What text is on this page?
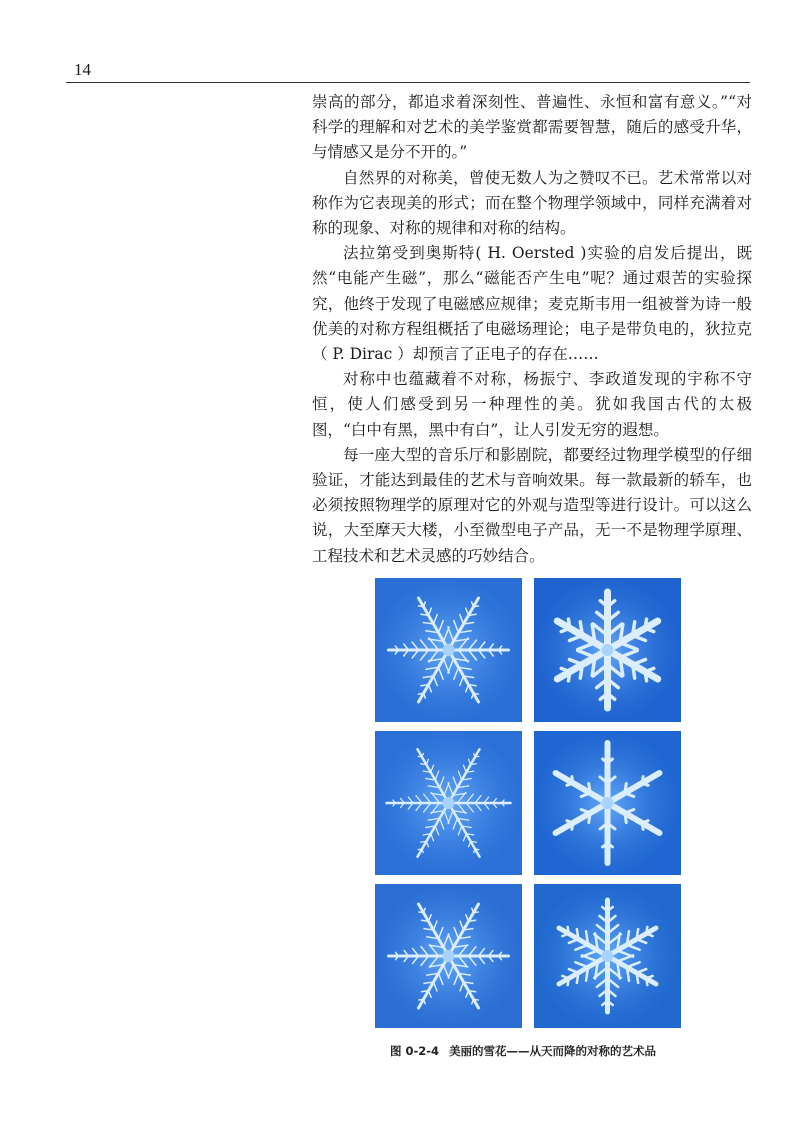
14

崇高的部分，都追求着深刻性、普遍性、永恒和富有意义。”“对科学的理解和对艺术的美学鉴赏都需要智慧，随后的感受升华，与情感又是分不开的。”

自然界的对称美，曾使无数人为之赞叹不已。艺术常常以对称作为它表现美的形式；而在整个物理学领域中，同样充满着对称的现象、对称的规律和对称的结构。

法拉第受到奥斯特( H. Oersted )实验的启发后提出，既然“电能产生磁”，那么“磁能否产生电”呢？通过艰苦的实验探究，他终于发现了电磁感应规律；麦克斯韦用一组被誉为诗一般优美的对称方程组概括了电磁场理论；电子是带负电的，狄拉克（ P. Dirac ）却预言了正电子的存在……

对称中也蕴藏着不对称，杨振宁、李政道发现的宇称不守恒，使人们感受到另一种理性的美。犹如我国古代的太极图，“白中有黑，黑中有白”，让人引发无穷的遐想。

每一座大型的音乐厅和影剧院，都要经过物理学模型的仔细验证，才能达到最佳的艺术与音响效果。每一款最新的轿车，也必须按照物理学的原理对它的外观与造型等进行设计。可以这么说，大至摩天大楼，小至微型电子产品，无一不是物理学原理、工程技术和艺术灵感的巧妙结合。

图 0-2-4 美丽的雪花——从天而降的对称的艺术品
